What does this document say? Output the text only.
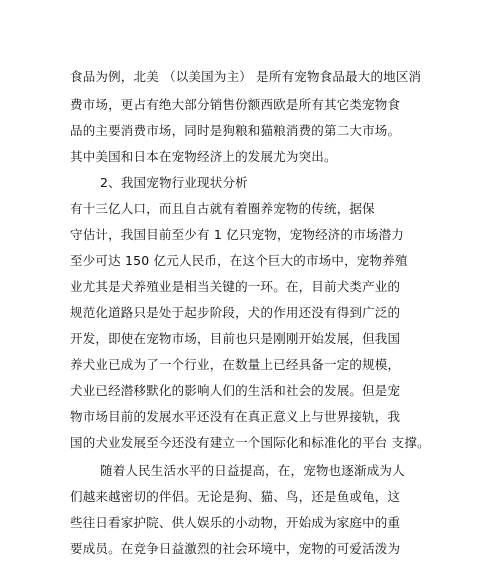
食品为例，北美 （以美国为主） 是所有宠物食品最大的地区消
费市场，更占有绝大部分销售份额西欧是所有其它类宠物食
品的主要消费市场，同时是狗粮和猫粮消费的第二大市场。
其中美国和日本在宠物经济上的发展尤为突出。
2、我国宠物行业现状分析
有十三亿人口，而且自古就有着圈养宠物的传统，据保
守估计，我国目前至少有 1 亿只宠物，宠物经济的市场潜力
至少可达 150 亿元人民币，在这个巨大的市场中，宠物养殖
业尤其是犬养殖业是相当关键的一环。在，目前犬类产业的
规范化道路只是处于起步阶段，犬的作用还没有得到广泛的
开发，即使在宠物市场，目前也只是刚刚开始发展，但我国
养犬业已成为了一个行业，在数量上已经具备一定的规模，
犬业已经潜移默化的影响人们的生活和社会的发展。但是宠
物市场目前的发展水平还没有在真正意义上与世界接轨，我
国的犬业发展至今还没有建立一个国际化和标准化的平台 支撑。
随着人民生活水平的日益提高，在，宠物也逐渐成为人
们越来越密切的伴侣。无论是狗、猫、鸟，还是鱼或龟，这
些往日看家护院、供人娱乐的小动物，开始成为家庭中的重
要成员。在竞争日益激烈的社会环境中，宠物的可爱活泼为
